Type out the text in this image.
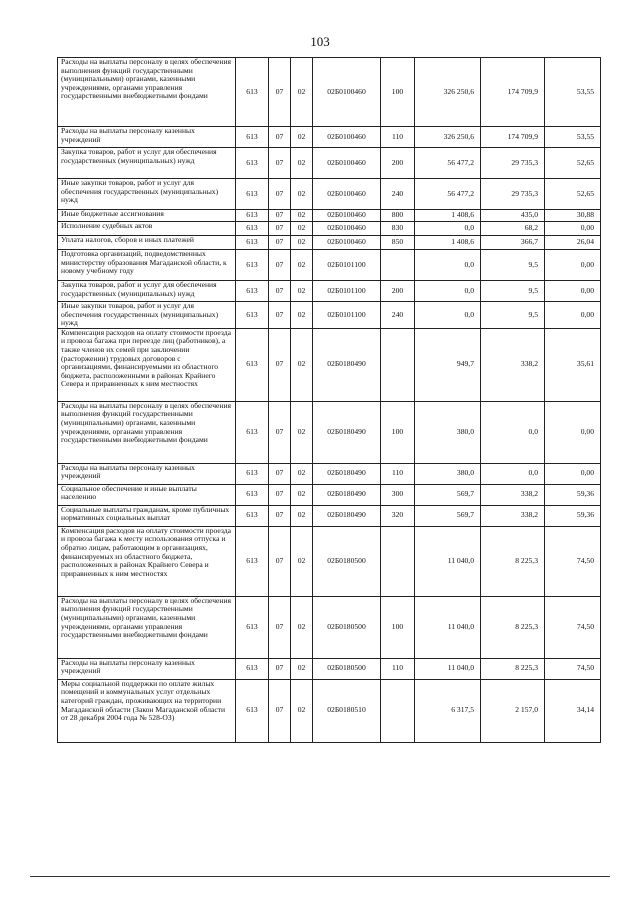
103
Расходы на выплаты персоналу в целях обеспечения выполнения функций государственными (муниципальными) органами, казенными учреждениями, органами управления государственными внебюджетными фондами	613	07	02	02Б0100460	100	326 250,6	174 709,9	53,55
Расходы на выплаты персоналу казенных учреждений	613	07	02	02Б0100460	110	326 250,6	174 709,9	53,55
Закупка товаров, работ и услуг для обеспечения государственных (муниципальных) нужд	613	07	02	02Б0100460	200	56 477,2	29 735,3	52,65
Иные закупки товаров, работ и услуг для обеспечения государственных (муниципальных) нужд	613	07	02	02Б0100460	240	56 477,2	29 735,3	52,65
Иные бюджетные ассигнования	613	07	02	02Б0100460	800	1 408,6	435,0	30,88
Исполнение судебных актов	613	07	02	02Б0100460	830	0,0	68,2	0,00
Уплата налогов, сборов и иных платежей	613	07	02	02Б0100460	850	1 408,6	366,7	26,04
Подготовка организаций, подведомственных министерству образования Магаданской области, к новому учебному году	613	07	02	02Б0101100		0,0	9,5	0,00
Закупка товаров, работ и услуг для обеспечения государственных (муниципальных) нужд	613	07	02	02Б0101100	200	0,0	9,5	0,00
Иные закупки товаров, работ и услуг для обеспечения государственных (муниципальных) нужд	613	07	02	02Б0101100	240	0,0	9,5	0,00
Компенсация расходов на оплату стоимости проезда и провоза багажа при переезде лиц (работников), а также членов их семей при заключении (расторжении) трудовых договоров с организациями, финансируемыми из областного бюджета, расположенными в районах Крайнего Севера и приравненных к ним местностях	613	07	02	02Б0180490		949,7	338,2	35,61
Расходы на выплаты персоналу в целях обеспечения выполнения функций государственными (муниципальными) органами, казенными учреждениями, органами управления государственными внебюджетными фондами	613	07	02	02Б0180490	100	380,0	0,0	0,00
Расходы на выплаты персоналу казенных учреждений	613	07	02	02Б0180490	110	380,0	0,0	0,00
Социальное обеспечение и иные выплаты населению	613	07	02	02Б0180490	300	569,7	338,2	59,36
Социальные выплаты гражданам, кроме публичных нормативных социальных выплат	613	07	02	02Б0180490	320	569,7	338,2	59,36
Компенсация расходов на оплату стоимости проезда и провоза багажа к месту использования отпуска и обратно лицам, работающим в организациях, финансируемых из областного бюджета, расположенных в районах Крайнего Севера и приравненных к ним местностях	613	07	02	02Б0180500		11 040,0	8 225,3	74,50
Расходы на выплаты персоналу в целях обеспечения выполнения функций государственными (муниципальными) органами, казенными учреждениями, органами управления государственными внебюджетными фондами	613	07	02	02Б0180500	100	11 040,0	8 225,3	74,50
Расходы на выплаты персоналу казенных учреждений	613	07	02	02Б0180500	110	11 040,0	8 225,3	74,50
Меры социальной поддержки по оплате жилых помещений и коммунальных услуг отдельных категорий граждан, проживающих на территории Магаданской области (Закон Магаданской области от 28 декабря 2004 года № 528-ОЗ)	613	07	02	02Б0180510		6 317,5	2 157,0	34,14
